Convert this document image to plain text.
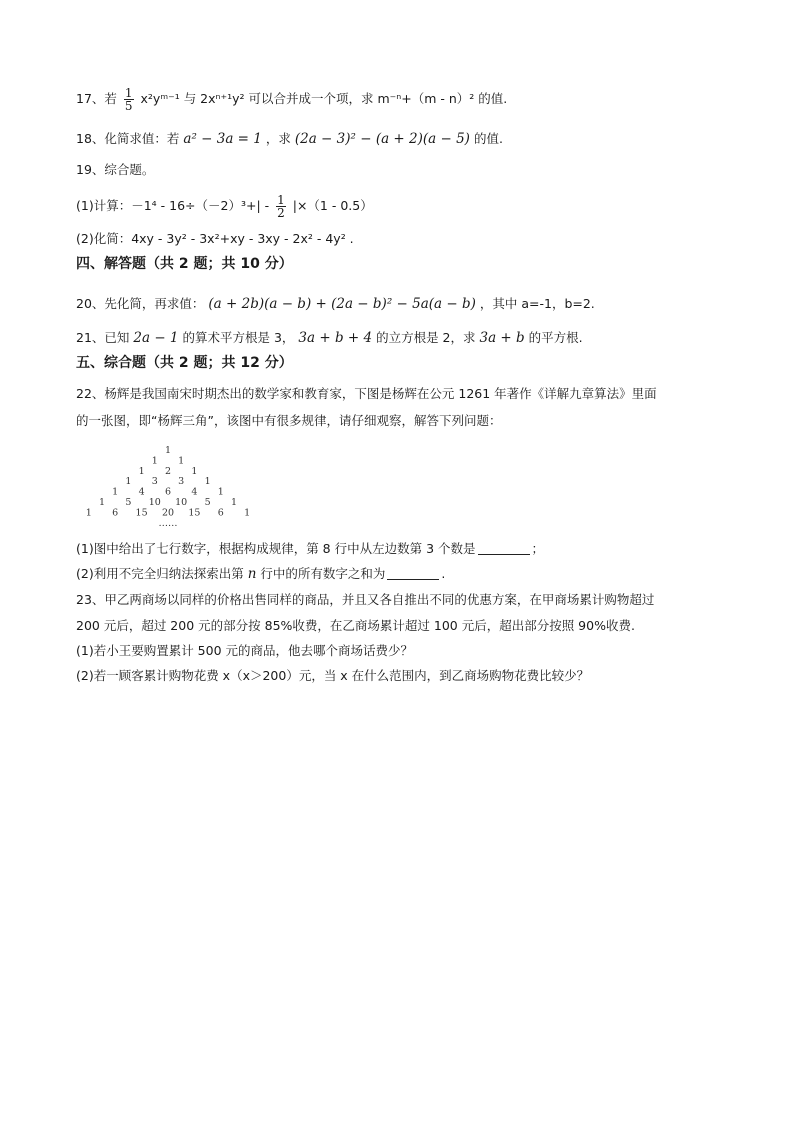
17、若 $\frac{1}{5}$ x²yᵐ⁻¹ 与 2xⁿ⁺¹y² 可以合并成一个项，求 m⁻ⁿ+（m - n）² 的值.
18、化简求值：若 a² − 3a = 1 ，求 (2a − 3)² − (a + 2)(a − 5) 的值.
19、综合题。
(1)计算：$-1^4 - 16\div(-2)^3+| - \frac{1}{2} |\times(1 - 0.5)$
(2)化简：4xy - 3y² - 3x²+xy - 3xy - 2x² - 4y² .
四、解答题（共 2 题；共 10 分）
20、先化简，再求值： (a + 2b)(a − b) + (2a − b)² − 5a(a − b) ，其中 a=-1，b=2.
21、已知 2a − 1 的算术平方根是 3， 3a + b + 4 的立方根是 2，求 3a + b 的平方根.
五、综合题（共 2 题；共 12 分）
22、杨辉是我国南宋时期杰出的数学家和教育家，下图是杨辉在公元 1261 年著作《详解九章算法》里面
的一张图，即“杨辉三角”，该图中有很多规律，请仔细观察，解答下列问题：
1
1 1
1 2 1
1 3 3 1
1 4 6 4 1
1 5 10 10 5 1
1 6 15 20 15 6 1
……
(1)图中给出了七行数字，根据构成规律，第 8 行中从左边数第 3 个数是	；
(2)利用不完全归纳法探索出第 n 行中的所有数字之和为	.
23、甲乙两商场以同样的价格出售同样的商品，并且又各自推出不同的优惠方案，在甲商场累计购物超过
200 元后，超过 200 元的部分按 85%收费，在乙商场累计超过 100 元后，超出部分按照 90%收费.
(1)若小王要购置累计 500 元的商品，他去哪个商场话费少？
(2)若一顾客累计购物花费 x（x＞200）元，当 x 在什么范围内，到乙商场购物花费比较少？
